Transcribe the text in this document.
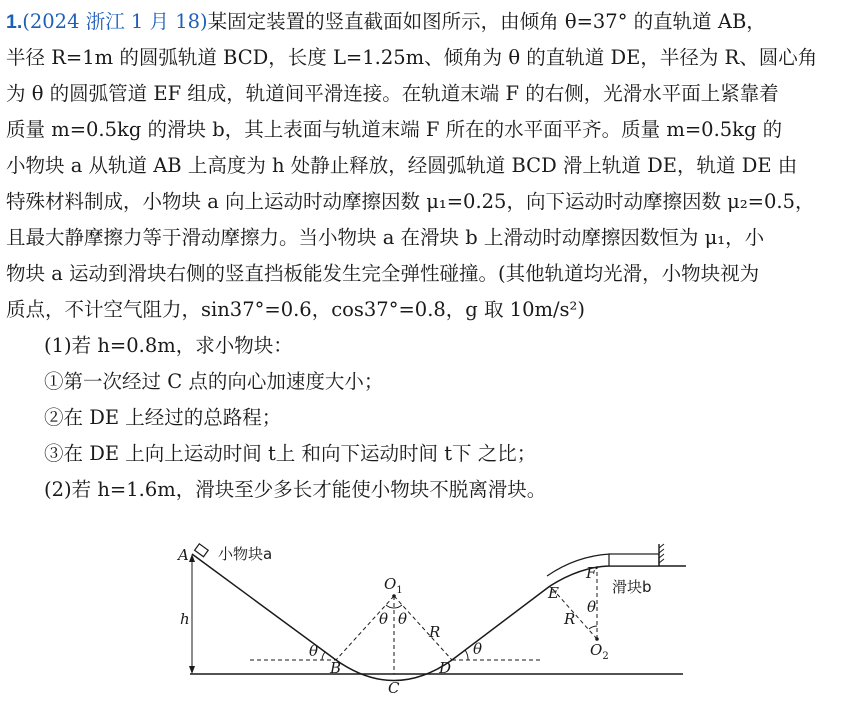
1.(2024 浙江 1 月 18)某固定装置的竖直截面如图所示，由倾角 θ=37° 的直轨道 AB，
半径 R=1m 的圆弧轨道 BCD，长度 L=1.25m、倾角为 θ 的直轨道 DE，半径为 R、圆心角
为 θ 的圆弧管道 EF 组成，轨道间平滑连接。在轨道末端 F 的右侧，光滑水平面上紧靠着
质量 m=0.5kg 的滑块 b，其上表面与轨道末端 F 所在的水平面平齐。质量 m=0.5kg 的
小物块 a 从轨道 AB 上高度为 h 处静止释放，经圆弧轨道 BCD 滑上轨道 DE，轨道 DE 由
特殊材料制成，小物块 a 向上运动时动摩擦因数 μ₁=0.25，向下运动时动摩擦因数 μ₂=0.5，
且最大静摩擦力等于滑动摩擦力。当小物块 a 在滑块 b 上滑动时动摩擦因数恒为 μ₁，小
物块 a 运动到滑块右侧的竖直挡板能发生完全弹性碰撞。(其他轨道均光滑，小物块视为
质点，不计空气阻力，sin37°=0.6，cos37°=0.8，g 取 10m/s²)
(1)若 h=0.8m，求小物块：
①第一次经过 C 点的向心加速度大小；
②在 DE 上经过的总路程；
③在 DE 上向上运动时间 t上 和向下运动时间 t下 之比；
(2)若 h=1.6m，滑块至少多长才能使小物块不脱离滑块。
A 小物块a
h
B
C
D
E
F
滑块b
$O_1$
$O_2$
R
R
θ	θ
θ θ
θ
